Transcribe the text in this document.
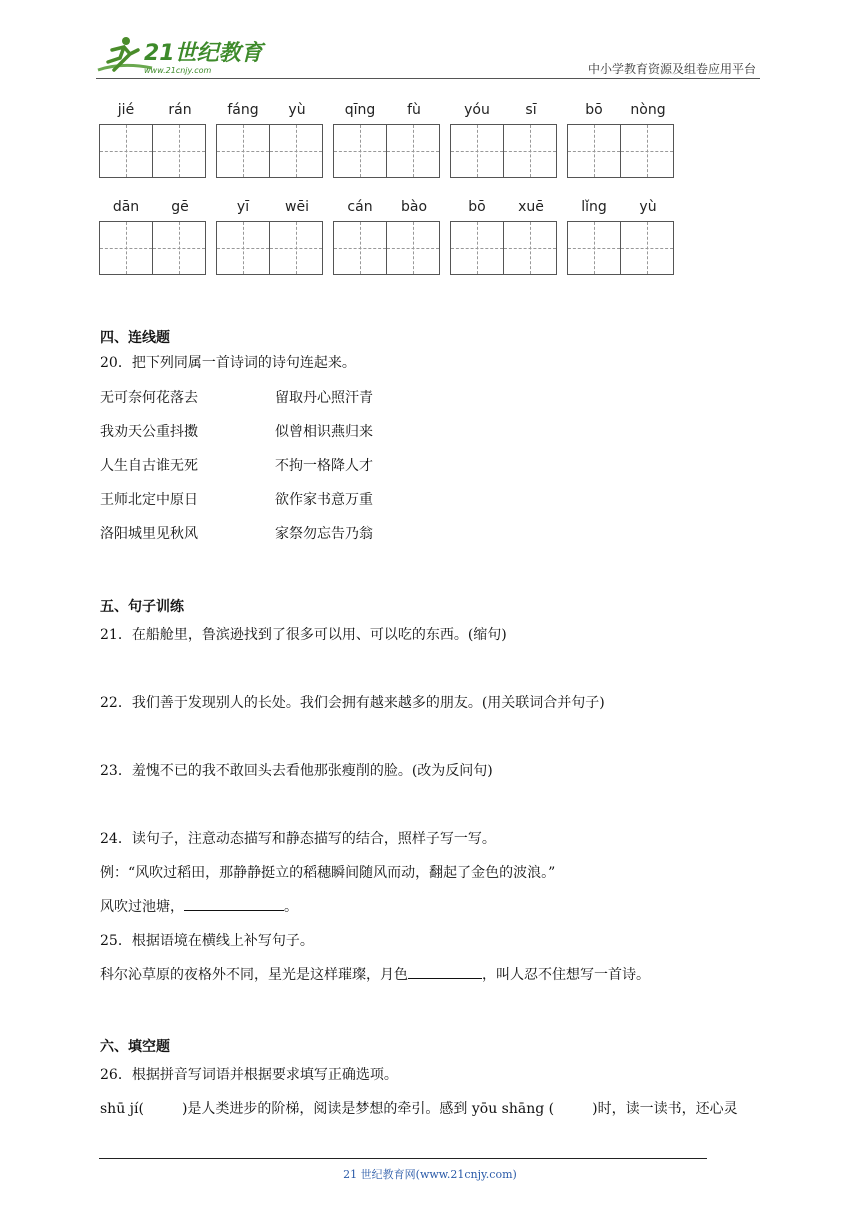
21世纪教育
www.21cnjy.com	中小学教育资源及组卷应用平台
jié	rán	fáng	yù	qīng	fù	yóu	sī	bō	nòng
dān	gē	yī	wēi	cán	bào	bō	xuē	lǐng	yù
四、连线题
20．把下列同属一首诗词的诗句连起来。
无可奈何花落去	留取丹心照汗青
我劝天公重抖擞	似曾相识燕归来
人生自古谁无死	不拘一格降人才
王师北定中原日	欲作家书意万重
洛阳城里见秋风	家祭勿忘告乃翁
五、句子训练
21．在船舱里，鲁滨逊找到了很多可以用、可以吃的东西。(缩句)
22．我们善于发现别人的长处。我们会拥有越来越多的朋友。(用关联词合并句子)
23．羞愧不已的我不敢回头去看他那张瘦削的脸。(改为反问句)
24．读句子，注意动态描写和静态描写的结合，照样子写一写。
例：“风吹过稻田，那静静挺立的稻穗瞬间随风而动，翻起了金色的波浪。”
风吹过池塘，	。
25．根据语境在横线上补写句子。
科尔沁草原的夜格外不同，星光是这样璀璨，月色	，叫人忍不住想写一首诗。
六、填空题
26．根据拼音写词语并根据要求填写正确选项。
shū jí(	)是人类进步的阶梯，阅读是梦想的牵引。感到 yōu shāng (	)时，读一读书，还心灵
21 世纪教育网(www.21cnjy.com)
